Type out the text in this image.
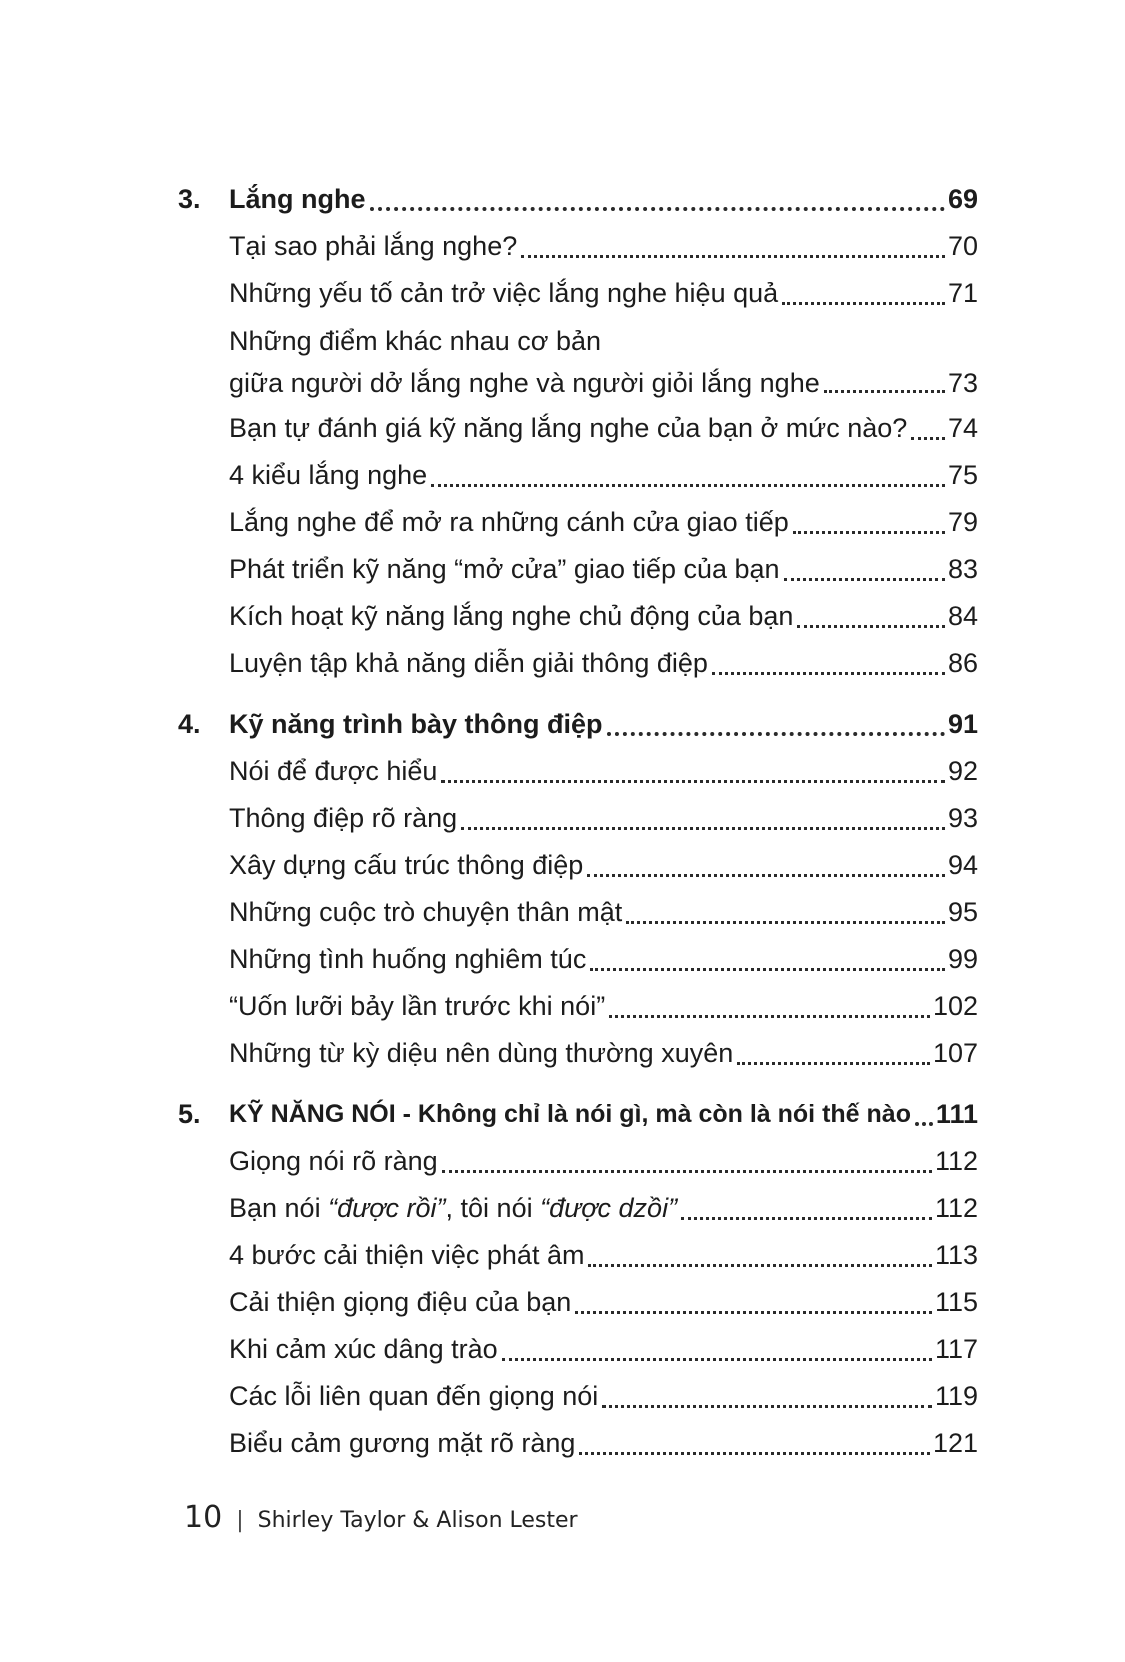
3.	Lắng nghe	69
Tại sao phải lắng nghe?	70
Những yếu tố cản trở việc lắng nghe hiệu quả	71
Những điểm khác nhau cơ bản
giữa người dở lắng nghe và người giỏi lắng nghe	73
Bạn tự đánh giá kỹ năng lắng nghe của bạn ở mức nào? 74
4 kiểu lắng nghe	75
Lắng nghe để mở ra những cánh cửa giao tiếp	79
Phát triển kỹ năng “mở cửa” giao tiếp của bạn	83
Kích hoạt kỹ năng lắng nghe chủ động của bạn	84
Luyện tập khả năng diễn giải thông điệp	86
4.	Kỹ năng trình bày thông điệp	91
Nói để được hiểu	92
Thông điệp rõ ràng	93
Xây dựng cấu trúc thông điệp	94
Những cuộc trò chuyện thân mật	95
Những tình huống nghiêm túc	99
“Uốn lưỡi bảy lần trước khi nói”	102
Những từ kỳ diệu nên dùng thường xuyên	107
5.	KỸ NĂNG NÓI - Không chỉ là nói gì, mà còn là nói thế nào 111
Giọng nói rõ ràng	112
Bạn nói “được rồi”, tôi nói “được dzồi”	112
4 bước cải thiện việc phát âm	113
Cải thiện giọng điệu của bạn	115
Khi cảm xúc dâng trào	117
Các lỗi liên quan đến giọng nói	119
Biểu cảm gương mặt rõ ràng	121
10 | Shirley Taylor & Alison Lester
